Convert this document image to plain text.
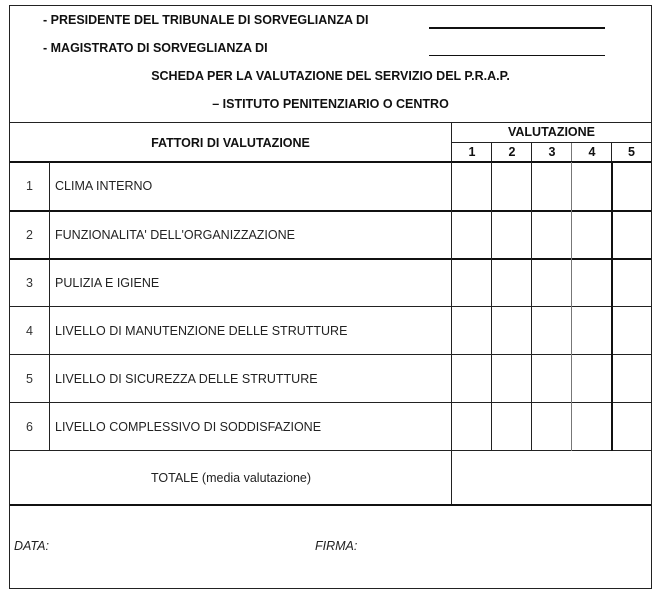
- PRESIDENTE DEL TRIBUNALE DI SORVEGLIANZA DI
- MAGISTRATO DI SORVEGLIANZA DI
SCHEDA PER LA VALUTAZIONE DEL SERVIZIO DEL P.R.A.P.
– ISTITUTO PENITENZIARIO O CENTRO
FATTORI DI VALUTAZIONE
VALUTAZIONE
1	2	3	4	5
1	CLIMA INTERNO
2	FUNZIONALITA' DELL'ORGANIZZAZIONE
3	PULIZIA E IGIENE
4	LIVELLO DI MANUTENZIONE DELLE STRUTTURE
5	LIVELLO DI SICUREZZA DELLE STRUTTURE
6	LIVELLO COMPLESSIVO DI SODDISFAZIONE
TOTALE (media valutazione)
DATA:	FIRMA:
